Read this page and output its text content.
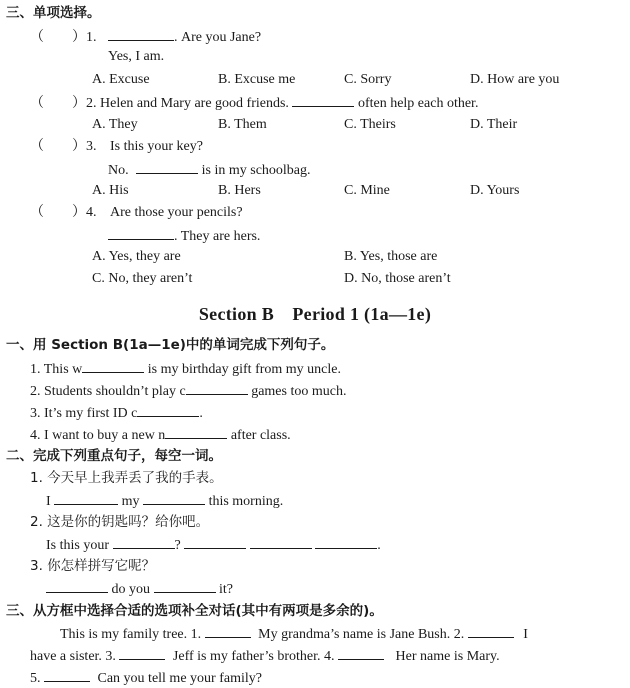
三、单项选择。
（　　）1.	. Are you Jane?
Yes, I am.
A. Excuse	B. Excuse me	C. Sorry	D. How are you
（　　）2. Helen and Mary are good friends.	often help each other.
A. They	B. Them	C. Theirs	D. Their
（　　）3. Is this your key?
No.	is in my schoolbag.
A. His	B. Hers	C. Mine	D. Yours
（　　）4. Are those your pencils?
. They are hers.
A. Yes, they are	B. Yes, those are
C. No, they aren’t	D. No, those aren’t
Section B　Period 1 (1a—1e)
一、用 Section B(1a—1e)中的单词完成下列句子。
1. This w	is my birthday gift from my uncle.
2. Students shouldn’t play c	games too much.
3. It’s my first ID c	.
4. I want to buy a new n	after class.
二、完成下列重点句子，每空一词。
1. 今天早上我弄丢了我的手表。
I	my	this morning.
2. 这是你的钥匙吗？给你吧。
Is this your	?	.
3. 你怎样拼写它呢？
do you	it?
三、从方框中选择合适的选项补全对话(其中有两项是多余的)。
This is my family tree. 1.	My grandma’s name is Jane Bush. 2.	I
have a sister. 3.	Jeff is my father’s brother. 4.	Her name is Mary.
5.	Can you tell me your family?
